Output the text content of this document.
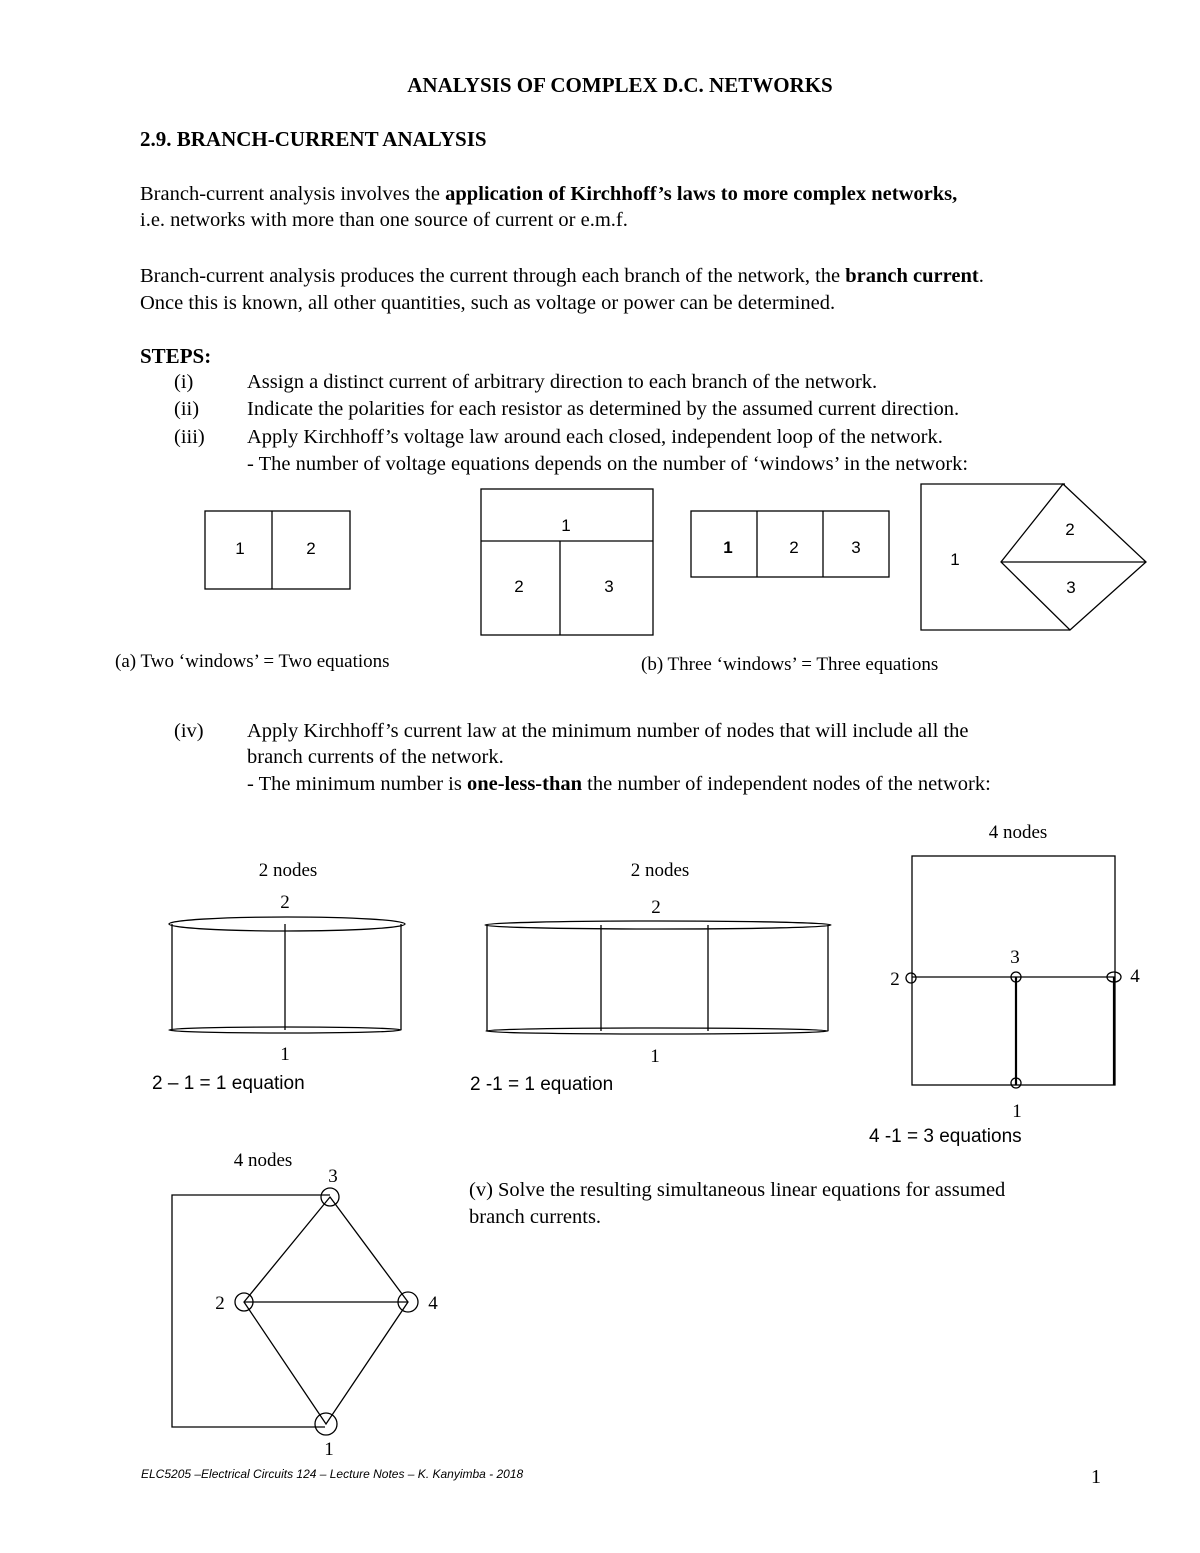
ANALYSIS OF COMPLEX D.C. NETWORKS
2.9. BRANCH-CURRENT ANALYSIS
Branch-current analysis involves the application of Kirchhoff’s laws to more complex networks,
i.e. networks with more than one source of current or e.m.f.
Branch-current analysis produces the current through each branch of the network, the branch current.
Once this is known, all other quantities, such as voltage or power can be determined.
STEPS:
(i)	Assign a distinct current of arbitrary direction to each branch of the network.
(ii) Indicate the polarities for each resistor as determined by the assumed current direction.
(iii) Apply Kirchhoff’s voltage law around each closed, independent loop of the network.
- The number of voltage equations depends on the number of ‘windows’ in the network:
1	2
1
2	3
1	2	3
1
2
3
(a) Two ‘windows’ = Two equations	(b) Three ‘windows’ = Three equations
2 nodes
2
1
2 – 1 = 1 equation
2 nodes
2
1
2 -1 = 1 equation
4 nodes
3
2	4
1
4 -1 = 3 equations
4 nodes
3
2	4
1
(iv) Apply Kirchhoff’s current law at the minimum number of nodes that will include all the
branch currents of the network.
- The minimum number is one-less-than the number of independent nodes of the network:
(v) Solve the resulting simultaneous linear equations for assumed
branch currents.
ELC5205 –Electrical Circuits 124 – Lecture Notes – K. Kanyimba - 2018	1
